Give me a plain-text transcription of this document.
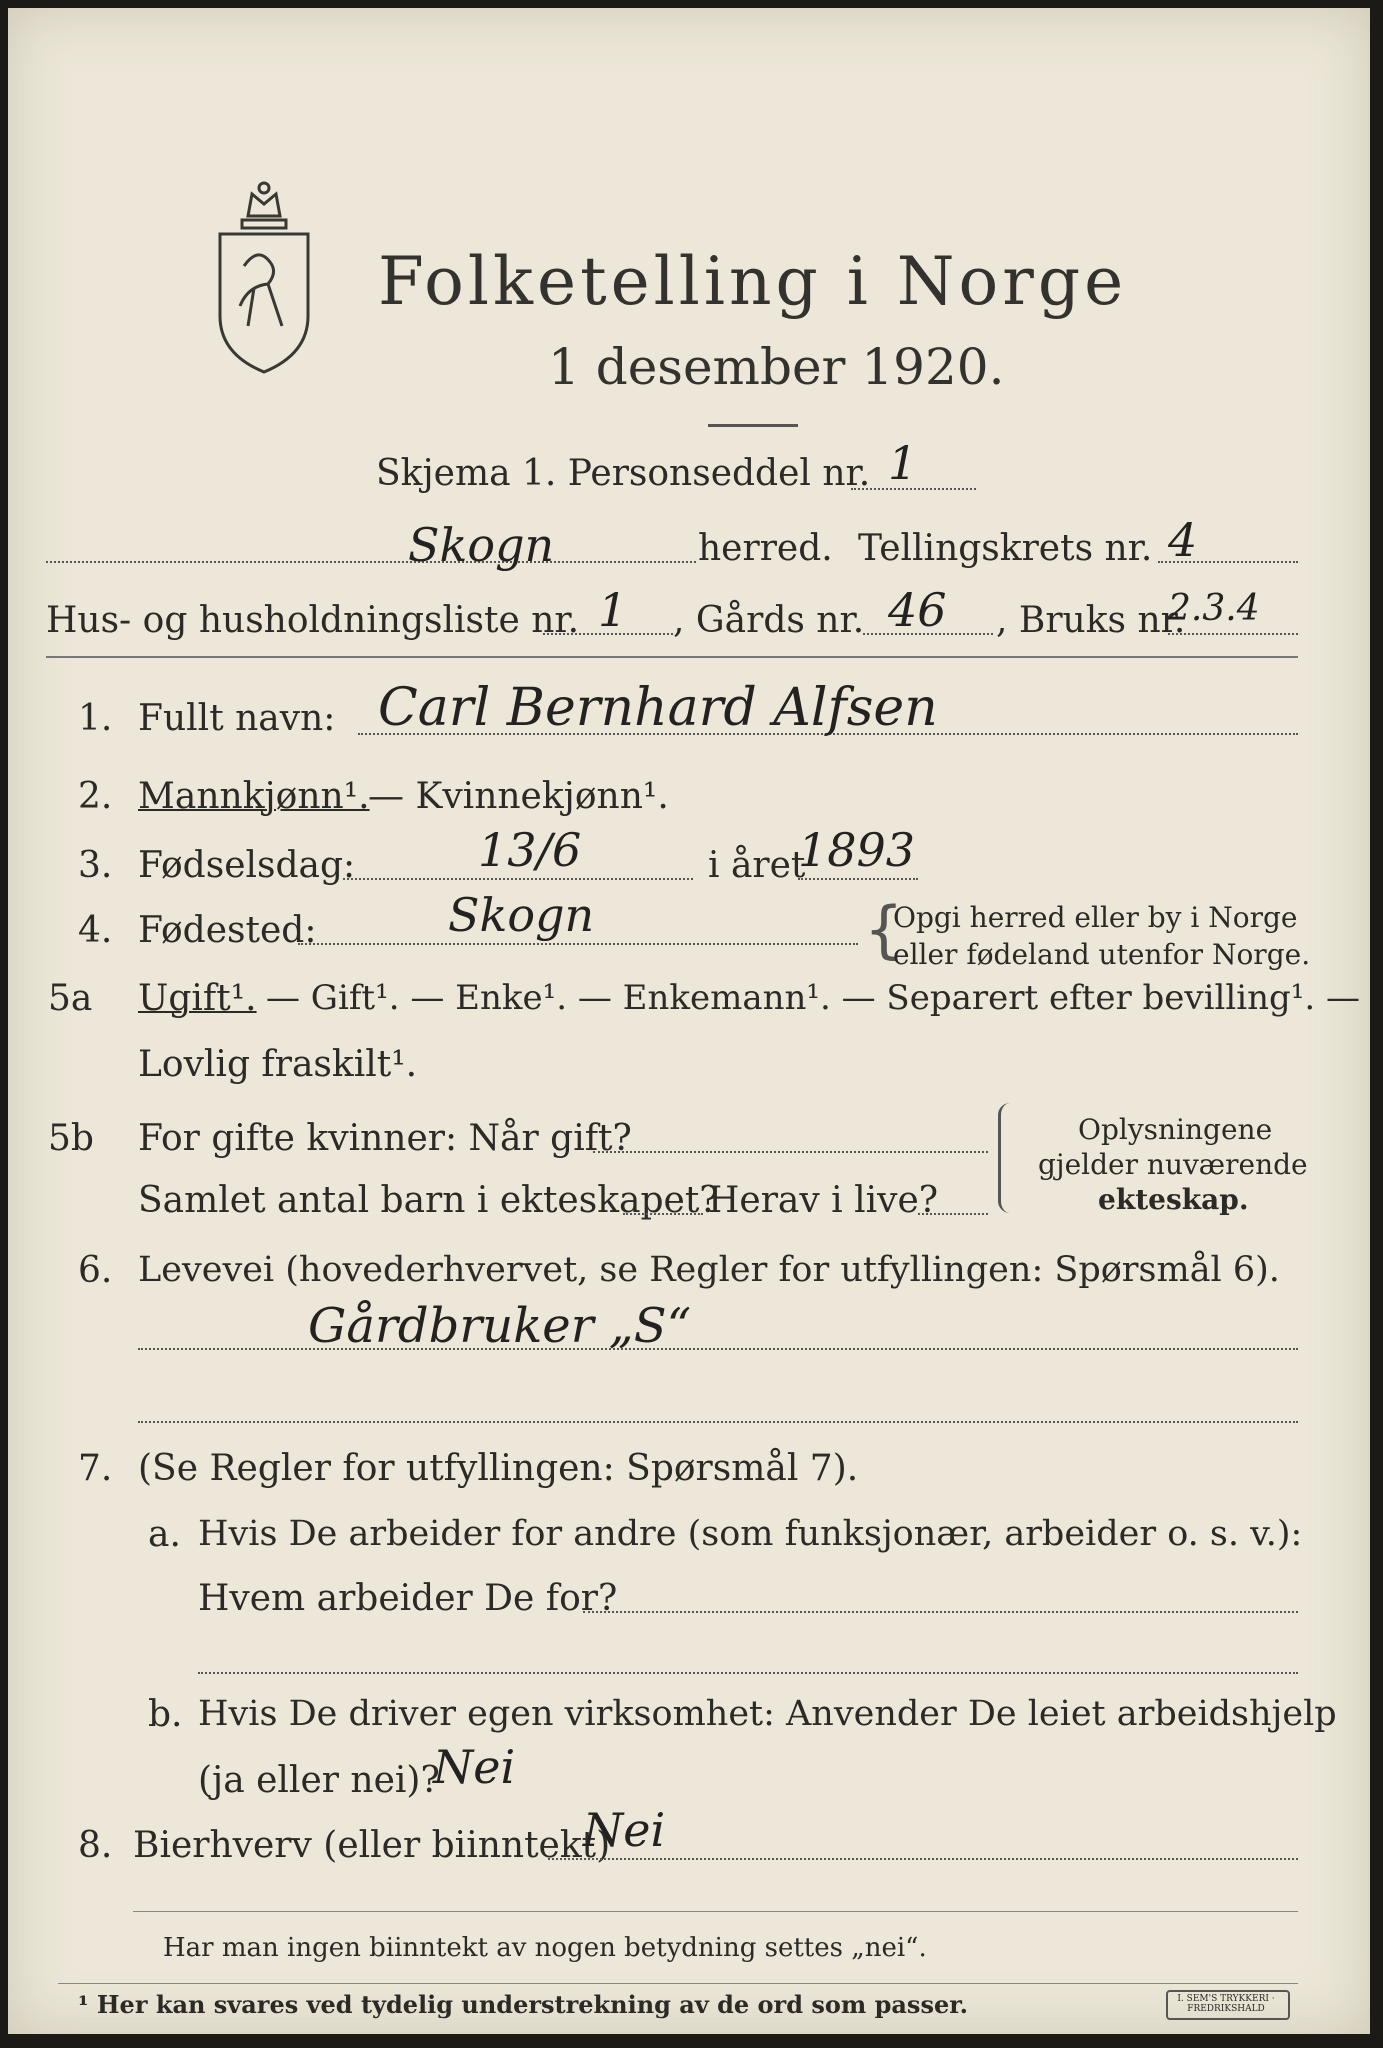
Folketelling i Norge
1 desember 1920.
Skjema 1. Personseddel nr. 1
Skogn	herred. Tellingskrets nr. 4
Hus- og husholdningsliste nr. 1 , Gårds nr. 46 , Bruks nr.
2.3.4
1. Fullt navn: Carl Bernhard Alfsen
2. Mannkjønn¹.
— Kvinnekjønn¹.
3. Fødselsdag:	13/6	i året
1893
4. Fødested:	Skogn	{
Opgi herred eller by i Norge
eller fødeland utenfor Norge.
5a Ugift¹. — Gift¹. — Enke¹. — Enkemann¹. — Separert efter bevilling¹. —
Lovlig fraskilt¹.
5b For gifte kvinner: Når gift?
Samlet antal barn i ekteskapet?
Herav i live?
Oplysningene
gjelder nuværende
ekteskap.
6. Levevei (hovederhvervet, se Regler for utfyllingen: Spørsmål 6).
Gårdbruker „S“
7. (Se Regler for utfyllingen: Spørsmål 7).
a. Hvis De arbeider for andre (som funksjonær, arbeider o. s. v.):
Hvem arbeider De for?
b. Hvis De driver egen virksomhet: Anvender De leiet arbeidshjelp
(ja eller nei)?
Nei
8. Bierhverv (eller biinntekt)
Nei
Har man ingen biinntekt av nogen betydning settes „nei“.
¹ Her kan svares ved tydelig understrekning av de ord som passer.	I. SEM'S TRYKKERI · FREDRIKSHALD
